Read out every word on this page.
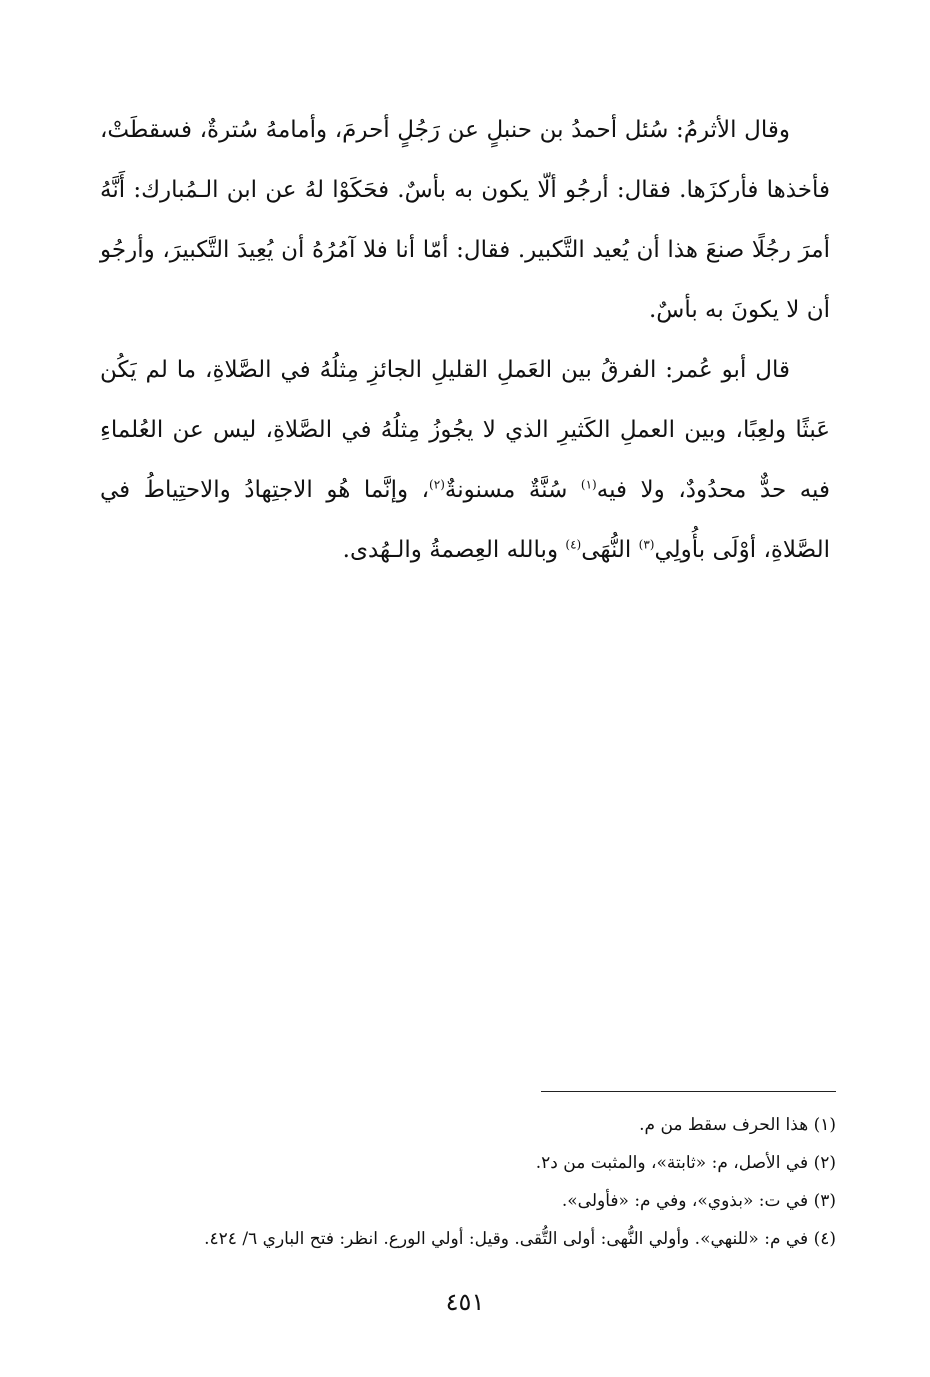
وقال الأثرمُ: سُئل أحمدُ بن حنبلٍ عن رَجُلٍ أحرمَ، وأمامهُ سُترةٌ، فسقطَتْ، فأخذها فأركزَها. فقال: أرجُو ألّا يكون به بأسٌ. فحَكَوْا لهُ عن ابن الـمُبارك: أَنَّهُ أمرَ رجُلًا صنعَ هذا أن يُعيد التَّكبير. فقال: أمّا أنا فلا آمُرُهُ أن يُعِيدَ التَّكبيرَ، وأرجُو أن لا يكونَ به بأسٌ.

قال أبو عُمر: الفرقُ بين العَملِ القليلِ الجائزِ مِثلُهُ في الصَّلاةِ، ما لم يَكُن عَبثًا ولعِبًا، وبين العملِ الكَثيرِ الذي لا يجُوزُ مِثلُهُ في الصَّلاةِ، ليس عن العُلماءِ فيه حدٌّ محدُودٌ، ولا فيه$^{(١)}$ سُنَّةٌ مسنونةٌ$^{(٢)}$، وإنَّما هُو الاجتِهادُ والاحتِياطُ في الصَّلاةِ، أوْلَى بأُولِي$^{(٣)}$ النُّهَى$^{(٤)}$ وبالله العِصمةُ والـهُدى.

(١) هذا الحرف سقط من م.

(٢) في الأصل، م: «ثابتة»، والمثبت من د٢.

(٣) في ت: «بذوي»، وفي م: «فأولى».

(٤) في م: «للنهي». وأولي النُّهى: أولى التُّقى. وقيل: أولي الورع. انظر: فتح الباري ٦/ ٤٢٤.

٤٥١
